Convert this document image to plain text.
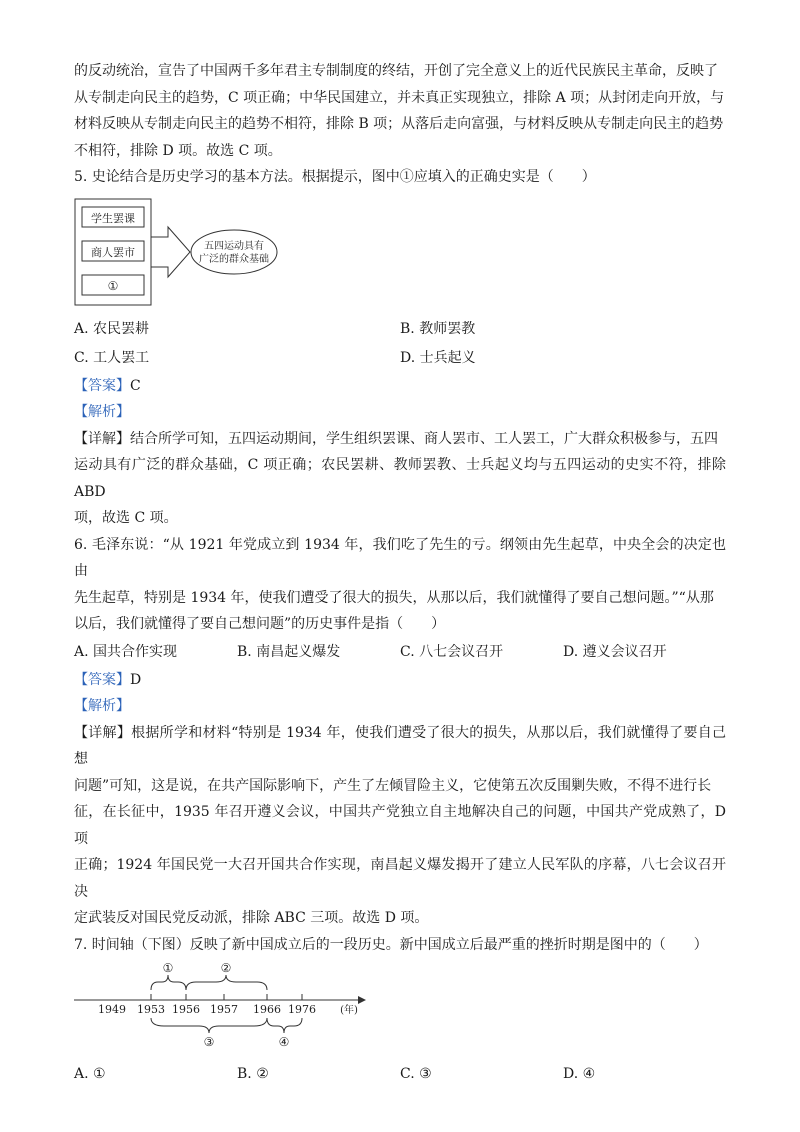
的反动统治，宣告了中国两千多年君主专制制度的终结，开创了完全意义上的近代民族民主革命，反映了

从专制走向民主的趋势，C 项正确；中华民国建立，并未真正实现独立，排除 A 项；从封闭走向开放，与

材料反映从专制走向民主的趋势不相符，排除 B 项；从落后走向富强，与材料反映从专制走向民主的趋势

不相符，排除 D 项。故选 C 项。

5. 史论结合是历史学习的基本方法。根据提示，图中①应填入的正确史实是（　　）

学生罢课
商人罢市
①
五四运动具有
广泛的群众基础
A. 农民罢耕	B. 教师罢教
C. 工人罢工	D. 士兵起义

【答案】C

【解析】

【详解】结合所学可知，五四运动期间，学生组织罢课、商人罢市、工人罢工，广大群众积极参与，五四

运动具有广泛的群众基础，C 项正确；农民罢耕、教师罢教、士兵起义均与五四运动的史实不符，排除 ABD

项，故选 C 项。

6. 毛泽东说：“从 1921 年党成立到 1934 年，我们吃了先生的亏。纲领由先生起草，中央全会的决定也由

先生起草，特别是 1934 年，使我们遭受了很大的损失，从那以后，我们就懂得了要自己想问题。”“从那

以后，我们就懂得了要自己想问题”的历史事件是指（　　）

A. 国共合作实现	B. 南昌起义爆发	C. 八七会议召开	D. 遵义会议召开

【答案】D

【解析】

【详解】根据所学和材料“特别是 1934 年，使我们遭受了很大的损失，从那以后，我们就懂得了要自己想

问题”可知，这是说，在共产国际影响下，产生了左倾冒险主义，它使第五次反围剿失败，不得不进行长

征，在长征中，1935 年召开遵义会议，中国共产党独立自主地解决自己的问题，中国共产党成熟了，D 项

正确；1924 年国民党一大召开国共合作实现，南昌起义爆发揭开了建立人民军队的序幕，八七会议召开决

定武装反对国民党反动派，排除 ABC 三项。故选 D 项。

7. 时间轴（下图）反映了新中国成立后的一段历史。新中国成立后最严重的挫折时期是图中的（　　）

1949 1953 1956 1957 1966 1976 (年)
①	②
③	④
A. ①	B. ②	C. ③	D. ④
